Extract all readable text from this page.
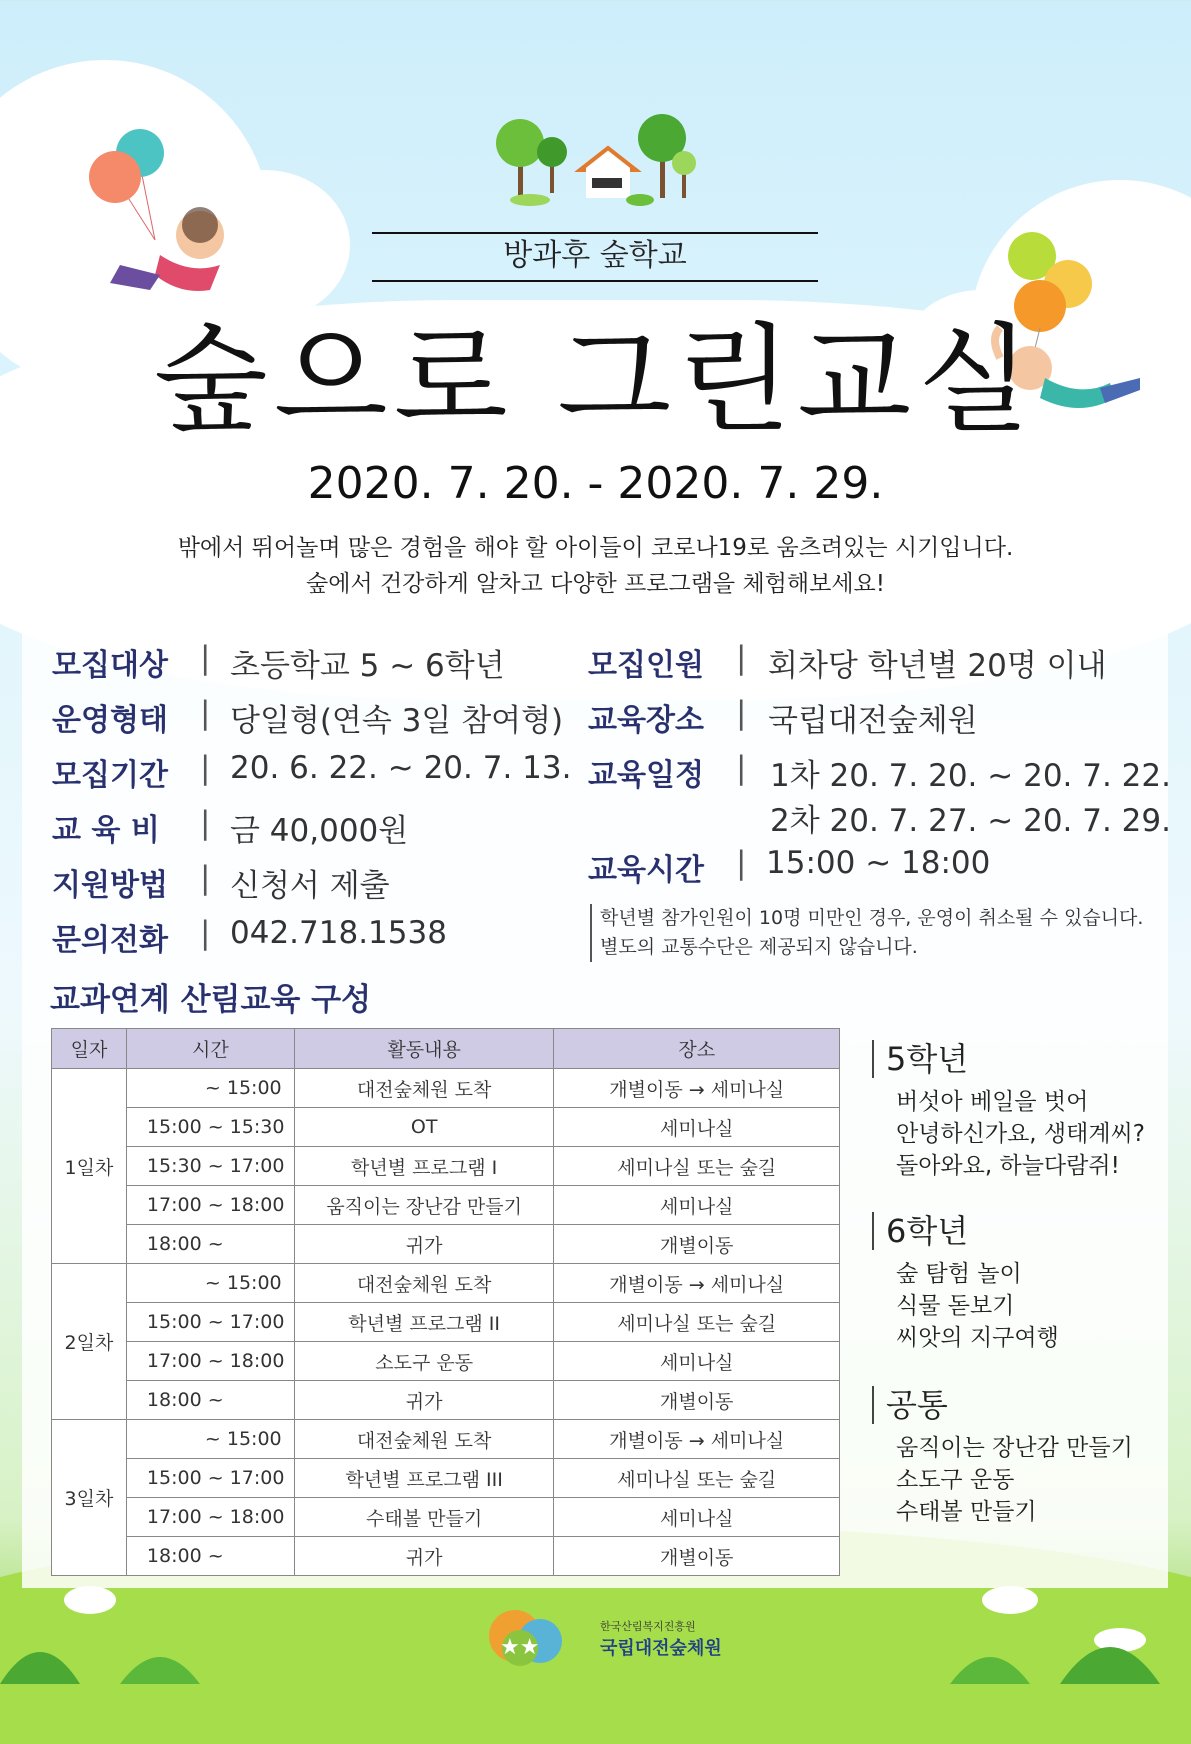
방과후 숲학교
숲으로 그린교실
2020. 7. 20. - 2020. 7. 29.
밖에서 뛰어놀며 많은 경험을 해야 할 아이들이 코로나19로 움츠려있는 시기입니다.
숲에서 건강하게 알차고 다양한 프로그램을 체험해보세요!
모집대상 | 초등학교 5 ~ 6학년
운영형태 | 당일형(연속 3일 참여형)
모집기간 | 20. 6. 22. ~ 20. 7. 13.
교 육 비 | 금 40,000원
지원방법 | 신청서 제출
문의전화 | 042.718.1538
모집인원 | 회차당 학년별 20명 이내
교육장소 | 국립대전숲체원
교육일정 | 1차 20. 7. 20. ~ 20. 7. 22.
2차 20. 7. 27. ~ 20. 7. 29.
교육시간 | 15:00 ~ 18:00
학년별 참가인원이 10명 미만인 경우, 운영이 취소될 수 있습니다.
별도의 교통수단은 제공되지 않습니다.
교과연계 산림교육 구성
일자	시간	활동내용	장소
1일차	~ 15:00	대전숲체원 도착	개별이동 → 세미나실
	15:00 ~ 15:30	OT	세미나실
	15:30 ~ 17:00	학년별 프로그램 I	세미나실 또는 숲길
	17:00 ~ 18:00	움직이는 장난감 만들기	세미나실
	18:00 ~	귀가	개별이동
2일차	~ 15:00	대전숲체원 도착	개별이동 → 세미나실
	15:00 ~ 17:00	학년별 프로그램 II	세미나실 또는 숲길
	17:00 ~ 18:00	소도구 운동	세미나실
	18:00 ~	귀가	개별이동
3일차	~ 15:00	대전숲체원 도착	개별이동 → 세미나실
	15:00 ~ 17:00	학년별 프로그램 III	세미나실 또는 숲길
	17:00 ~ 18:00	수태볼 만들기	세미나실
	18:00 ~	귀가	개별이동
5학년
버섯아 베일을 벗어
안녕하신가요, 생태계씨?
돌아와요, 하늘다람쥐!
6학년
숲 탐험 놀이
식물 돋보기
씨앗의 지구여행
공통
움직이는 장난감 만들기
소도구 운동
수태볼 만들기
★★
한국산림복지진흥원
국립대전숲체원
